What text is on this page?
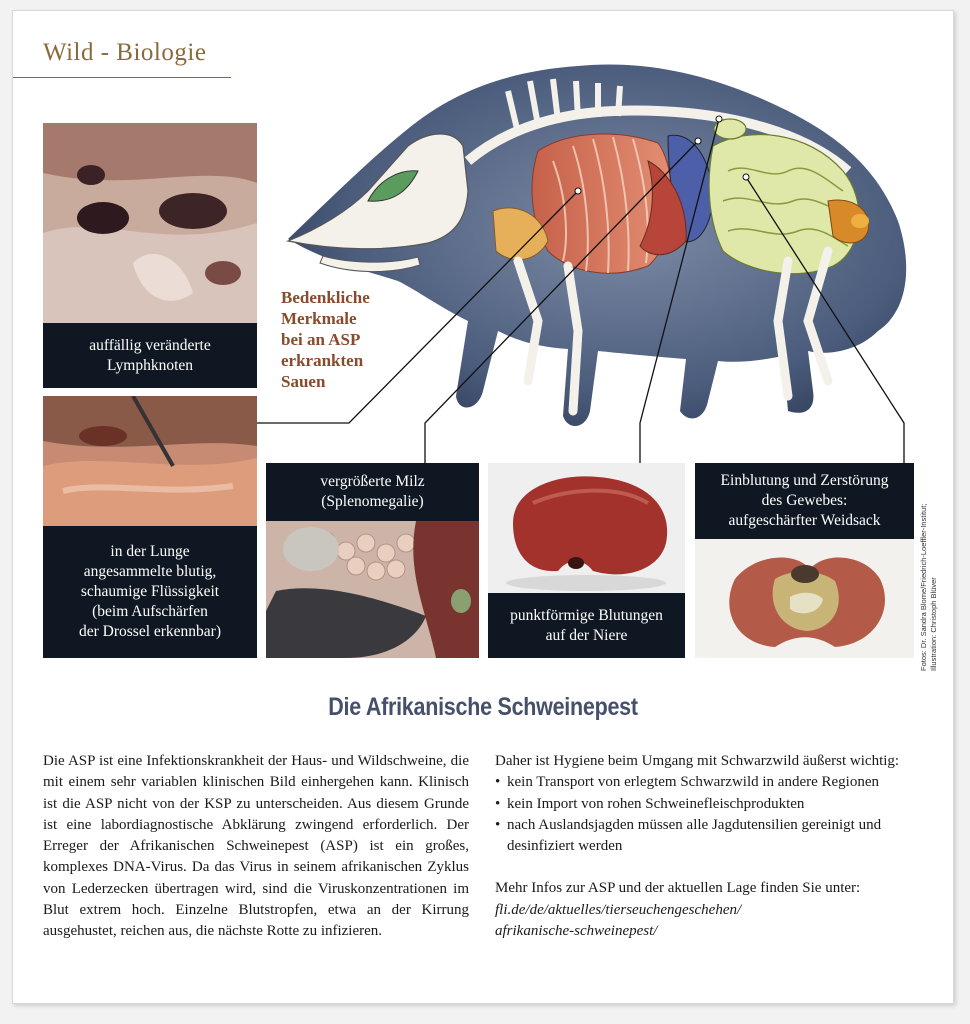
Wild - Biologie
Bedenkliche
Merkmale
bei an ASP
erkrankten
Sauen
auffällig veränderte
Lymphknoten
in der Lunge
angesammelte blutig,
schaumige Flüssigkeit
(beim Aufschärfen
der Drossel erkennbar)
vergrößerte Milz
(Splenomegalie)
punktförmige Blutungen
auf der Niere
Einblutung und Zerstörung
des Gewebes:
aufgeschärfter Weidsack	Fotos: Dr. Sandra Blome/Friedrich-Loeffler-Institut; Illustration: Christoph Blüver
Die Afrikanische Schweinepest
Die ASP ist eine Infektionskrankheit der Haus- und Wildschweine, die mit einem sehr variablen klinischen Bild einhergehen kann. Klinisch ist die ASP nicht von der KSP zu unterscheiden. Aus diesem Grunde ist eine labordiagnostische Abklärung zwingend erforderlich. Der Erreger der Afrikanischen Schweinepest (ASP) ist ein großes, komplexes DNA-Virus. Da das Virus in seinem afrikanischen Zyklus von Lederzecken übertragen wird, sind die Viruskonzentrationen im Blut extrem hoch. Einzelne Blutstropfen, etwa an der Kirrung ausgehustet, reichen aus, die nächste Rotte zu infizieren.

Daher ist Hygiene beim Umgang mit Schwarzwild äußerst wichtig:

• kein Transport von erlegtem Schwarzwild in andere Regionen
• kein Import von rohen Schweinefleischprodukten
• nach Auslandsjagden müssen alle Jagdutensilien gereinigt und desinfiziert werden

Mehr Infos zur ASP und der aktuellen Lage finden Sie unter:

fli.de/de/aktuelles/tierseuchengeschehen/

afrikanische-schweinepest/
